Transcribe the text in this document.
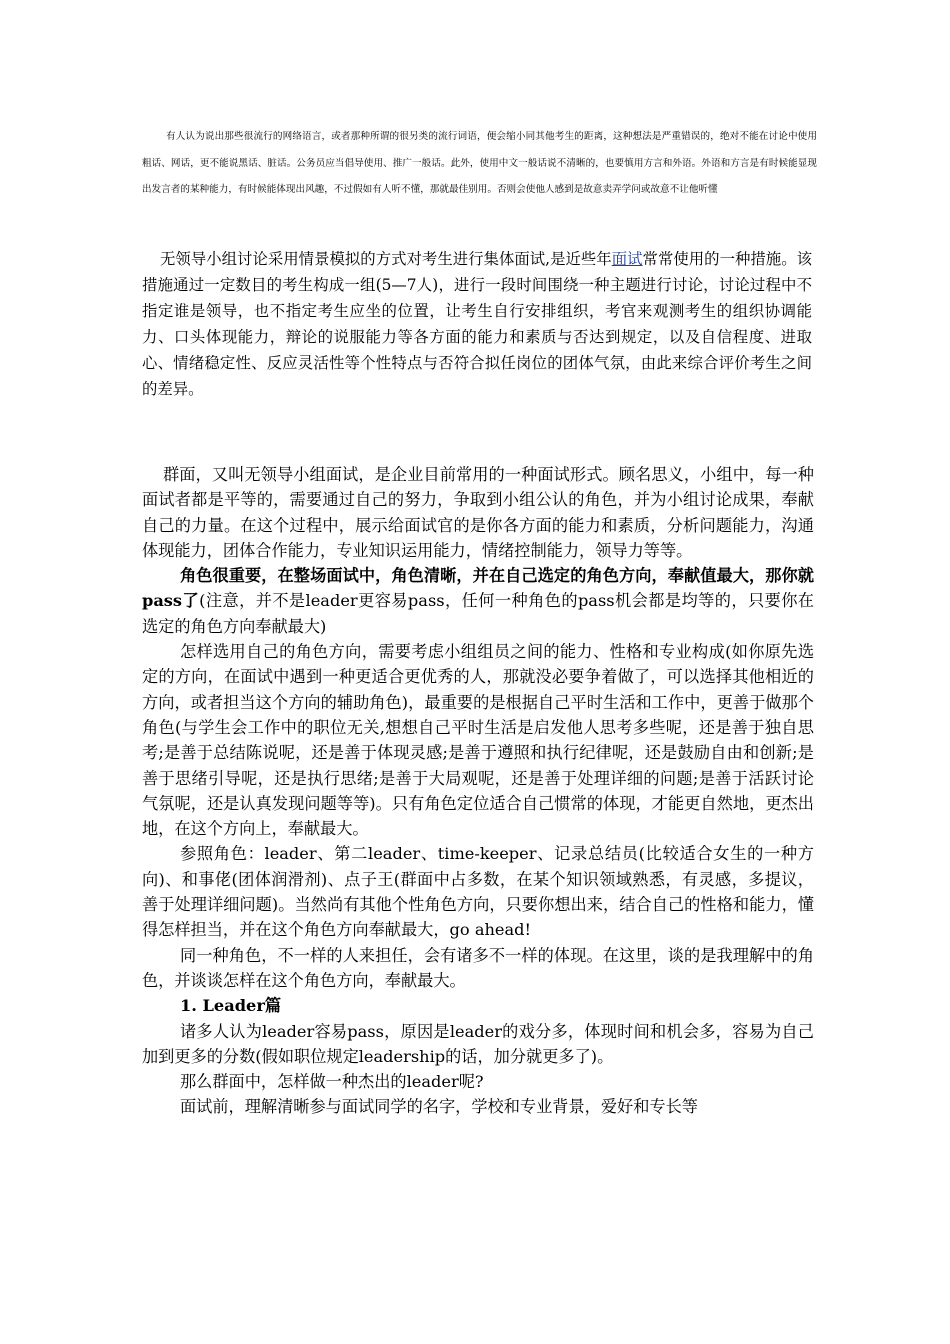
有人认为说出那些很流行的网络语言，或者那种所谓的很另类的流行词语，便会缩小同其他考生的距离，这种想法是严重错误的，绝对不能在讨论中使用粗话、网话，更不能说黑话、脏话。公务员应当倡导使用、推广一般话。此外，使用中文一般话说不清晰的，也要慎用方言和外语。外语和方言是有时候能显现出发言者的某种能力，有时候能体现出风趣，不过假如有人听不懂，那就最佳别用。否则会使他人感到是故意卖弄学问或故意不让他听懂

无领导小组讨论采用情景模拟的方式对考生进行集体面试,是近些年面试常常使用的一种措施。该措施通过一定数目的考生构成一组(5—7人)，进行一段时间围绕一种主题进行讨论，讨论过程中不指定谁是领导，也不指定考生应坐的位置，让考生自行安排组织，考官来观测考生的组织协调能力、口头体现能力，辩论的说服能力等各方面的能力和素质与否达到规定，以及自信程度、进取心、情绪稳定性、反应灵活性等个性特点与否符合拟任岗位的团体气氛，由此来综合评价考生之间的差异。

群面，又叫无领导小组面试，是企业目前常用的一种面试形式。顾名思义，小组中，每一种面试者都是平等的，需要通过自己的努力，争取到小组公认的角色，并为小组讨论成果，奉献自己的力量。在这个过程中，展示给面试官的是你各方面的能力和素质，分析问题能力，沟通体现能力，团体合作能力，专业知识运用能力，情绪控制能力，领导力等等。

角色很重要，在整场面试中，角色清晰，并在自己选定的角色方向，奉献值最大，那你就pass了(注意，并不是leader更容易pass，任何一种角色的pass机会都是均等的，只要你在选定的角色方向奉献最大)

怎样选用自己的角色方向，需要考虑小组组员之间的能力、性格和专业构成(如你原先选定的方向，在面试中遇到一种更适合更优秀的人，那就没必要争着做了，可以选择其他相近的方向，或者担当这个方向的辅助角色)，最重要的是根据自己平时生活和工作中，更善于做那个角色(与学生会工作中的职位无关,想想自己平时生活是启发他人思考多些呢，还是善于独自思考;是善于总结陈说呢，还是善于体现灵感;是善于遵照和执行纪律呢，还是鼓励自由和创新;是善于思绪引导呢，还是执行思绪;是善于大局观呢，还是善于处理详细的问题;是善于活跃讨论气氛呢，还是认真发现问题等等)。只有角色定位适合自己惯常的体现，才能更自然地，更杰出地，在这个方向上，奉献最大。

参照角色：leader、第二leader、time-keeper、记录总结员(比较适合女生的一种方向)、和事佬(团体润滑剂)、点子王(群面中占多数，在某个知识领域熟悉，有灵感，多提议，善于处理详细问题)。当然尚有其他个性角色方向，只要你想出来，结合自己的性格和能力，懂得怎样担当，并在这个角色方向奉献最大，go ahead!

同一种角色，不一样的人来担任，会有诸多不一样的体现。在这里，谈的是我理解中的角色，并谈谈怎样在这个角色方向，奉献最大。

1. Leader篇

诸多人认为leader容易pass，原因是leader的戏分多，体现时间和机会多，容易为自己加到更多的分数(假如职位规定leadership的话，加分就更多了)。

那么群面中，怎样做一种杰出的leader呢?

面试前，理解清晰参与面试同学的名字，学校和专业背景，爱好和专长等
